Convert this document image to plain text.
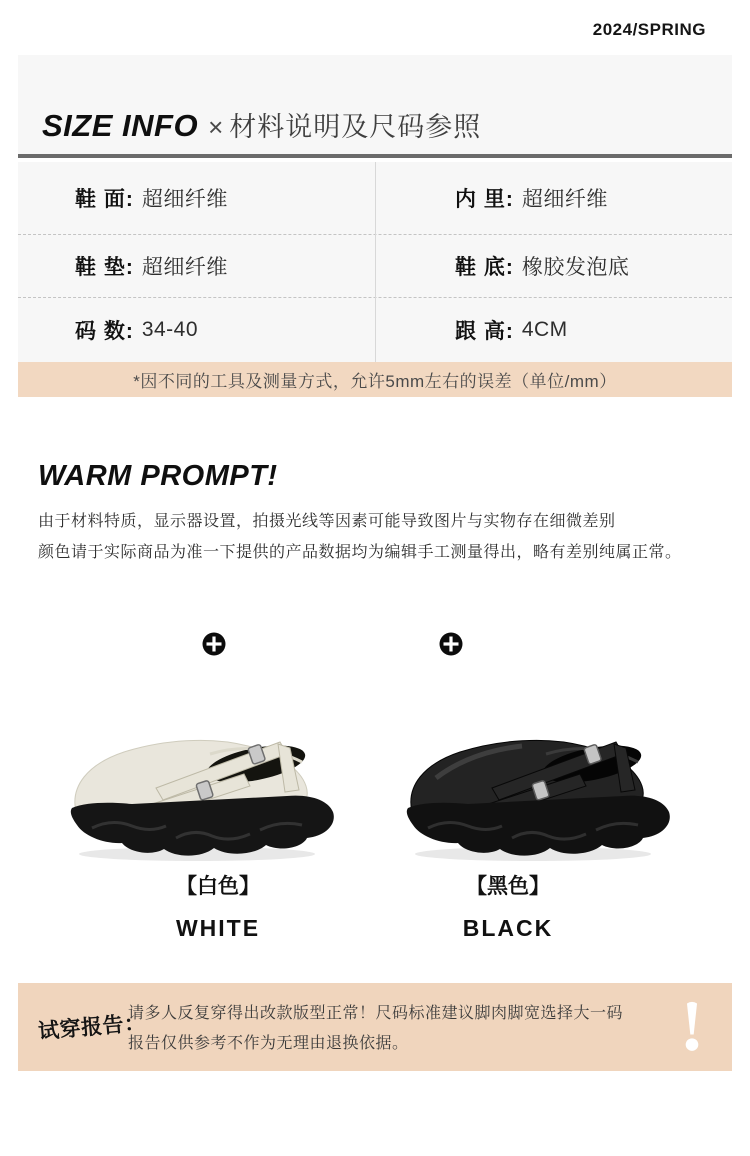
2024/SPRING
SIZE INFO × 材料说明及尺码参照
鞋 面: 超细纤维	内 里: 超细纤维
鞋 垫: 超细纤维	鞋 底: 橡胶发泡底
码 数: 34-40	跟 高: 4CM
*因不同的工具及测量方式，允许5mm左右的误差（单位/mm）
WARM PROMPT!
由于材料特质，显示器设置，拍摄光线等因素可能导致图片与实物存在细微差别
颜色请于实际商品为准一下提供的产品数据均为编辑手工测量得出，略有差别纯属正常。
【白色】
WHITE
【黑色】
BLACK
试穿报告：
请多人反复穿得出改款版型正常！尺码标准建议脚肉脚宽选择大一码
报告仅供参考不作为无理由退换依据。
